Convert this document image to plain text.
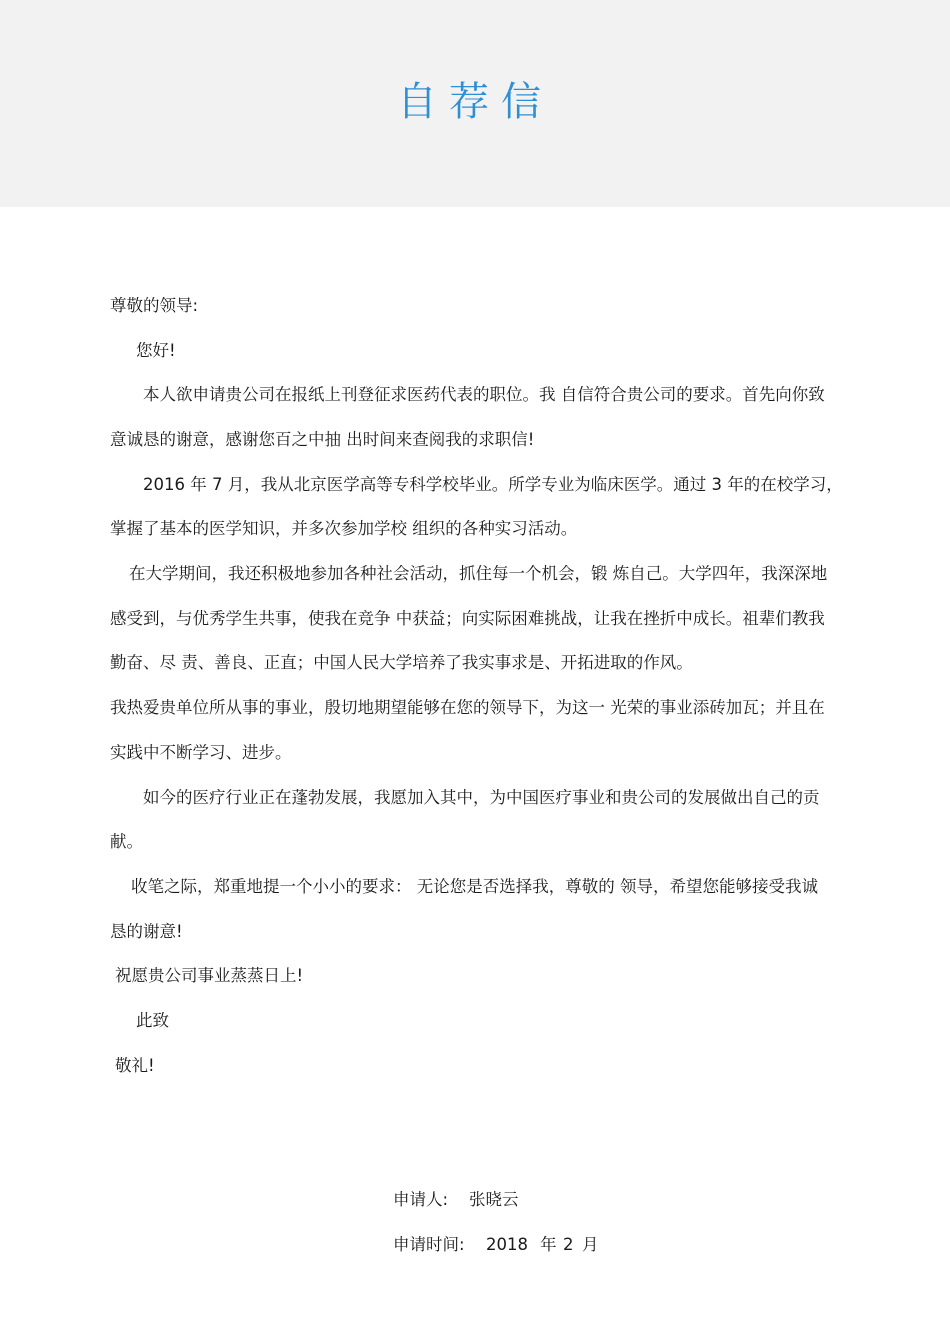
自荐信
尊敬的领导:
您好!
本人欲申请贵公司在报纸上刊登征求医药代表的职位。我 自信符合贵公司的要求。首先向你致
意诚恳的谢意，感谢您百之中抽 出时间来查阅我的求职信!
2016 年 7 月，我从北京医学高等专科学校毕业。所学专业为临床医学。通过 3 年的在校学习，
掌握了基本的医学知识，并多次参加学校 组织的各种实习活动。
在大学期间，我还积极地参加各种社会活动，抓住每一个机会，锻 炼自己。大学四年，我深深地
感受到，与优秀学生共事，使我在竞争 中获益；向实际困难挑战，让我在挫折中成长。祖辈们教我
勤奋、尽 责、善良、正直；中国人民大学培养了我实事求是、开拓进取的作风。
我热爱贵单位所从事的事业，殷切地期望能够在您的领导下，为这一 光荣的事业添砖加瓦；并且在
实践中不断学习、进步。
如今的医疗行业正在蓬勃发展，我愿加入其中，为中国医疗事业和贵公司的发展做出自己的贡
献。
收笔之际，郑重地提一个小小的要求： 无论您是否选择我，尊敬的 领导，希望您能够接受我诚
恳的谢意!
祝愿贵公司事业蒸蒸日上!
此致
敬礼!
申请人: 张晓云
申请时间: 2018 年 2 月
